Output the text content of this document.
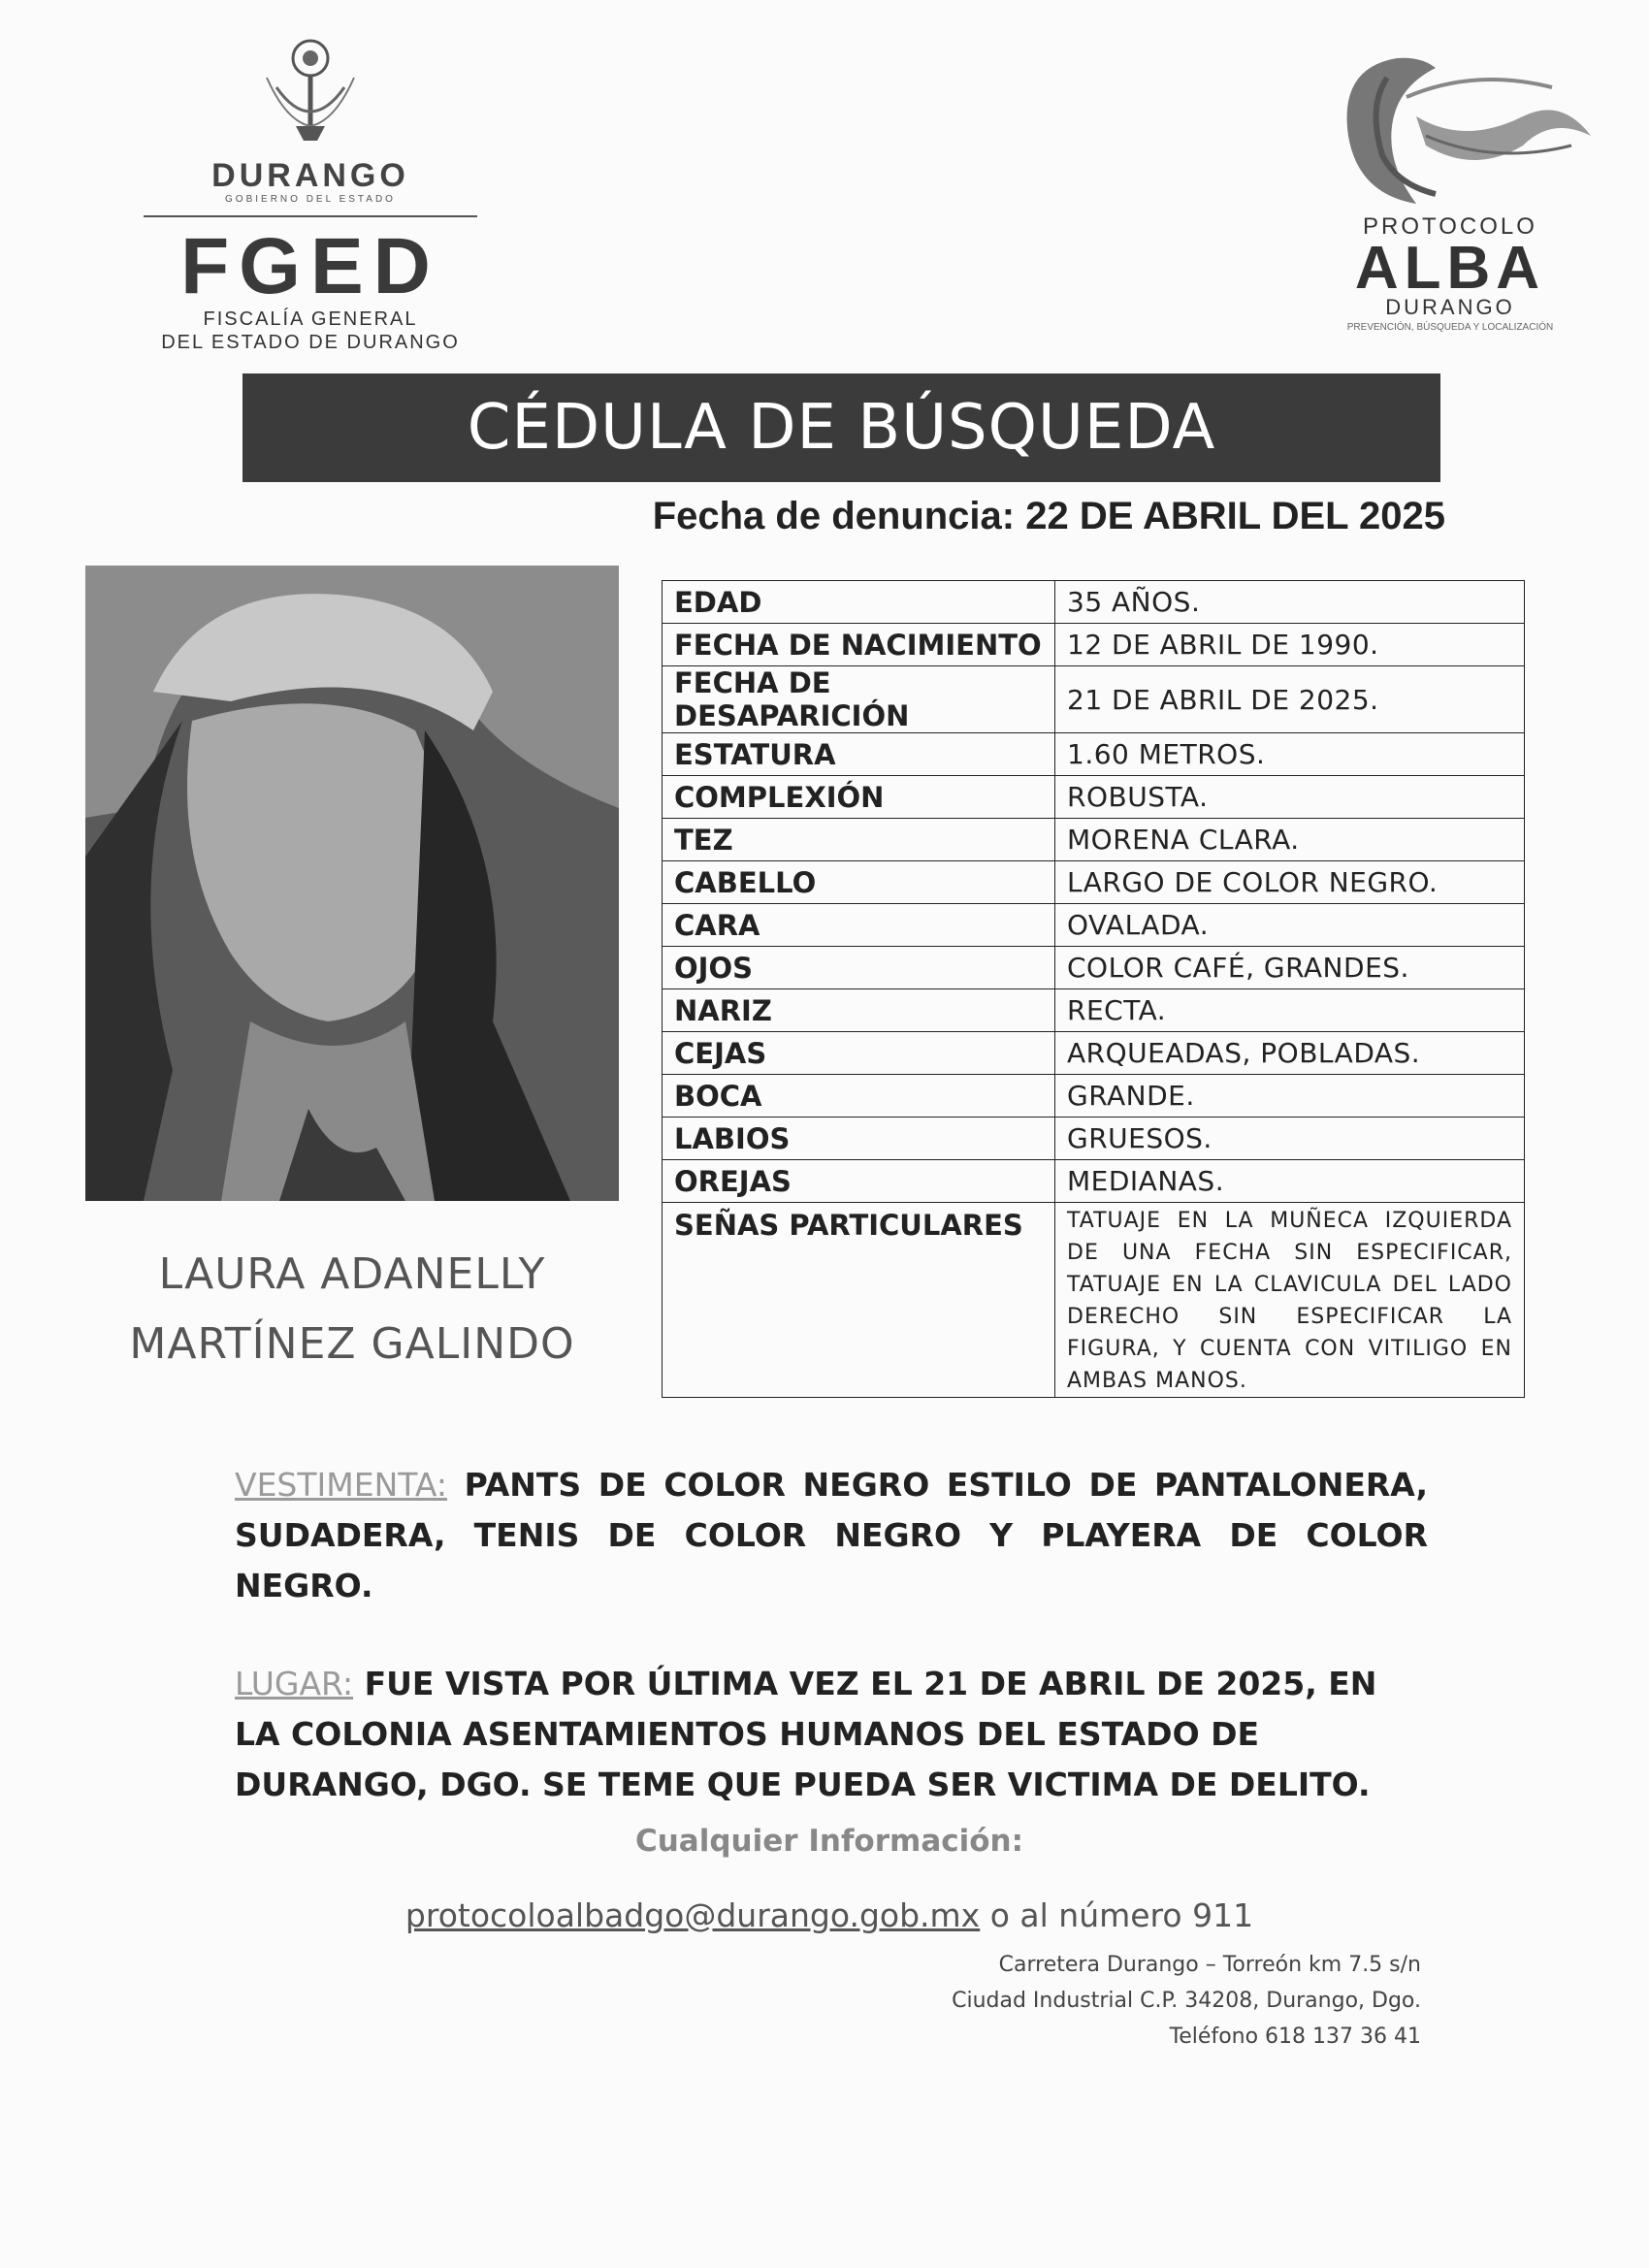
DURANGO
GOBIERNO DEL ESTADO
FGED
FISCALÍA GENERAL
DEL ESTADO DE DURANGO
PROTOCOLO
ALBA
DURANGO
PREVENCIÓN, BÚSQUEDA Y LOCALIZACIÓN
CÉDULA DE BÚSQUEDA
Fecha de denuncia: 22 DE ABRIL DEL 2025
LAURA ADANELLY
MARTÍNEZ GALINDO
EDAD	35 AÑOS.
FECHA DE NACIMIENTO	12 DE ABRIL DE 1990.
FECHA DE DESAPARICIÓN	21 DE ABRIL DE 2025.
ESTATURA	1.60 METROS.
COMPLEXIÓN	ROBUSTA.
TEZ	MORENA CLARA.
CABELLO	LARGO DE COLOR NEGRO.
CARA	OVALADA.
OJOS	COLOR CAFÉ, GRANDES.
NARIZ	RECTA.
CEJAS	ARQUEADAS, POBLADAS.
BOCA	GRANDE.
LABIOS	GRUESOS.
OREJAS	MEDIANAS.
SEÑAS PARTICULARES	TATUAJE EN LA MUÑECA IZQUIERDA DE UNA FECHA SIN ESPECIFICAR, TATUAJE EN LA CLAVICULA DEL LADO DERECHO SIN ESPECIFICAR LA FIGURA, Y CUENTA CON VITILIGO EN AMBAS MANOS.
VESTIMENTA: PANTS DE COLOR NEGRO ESTILO DE PANTALONERA, SUDADERA, TENIS DE COLOR NEGRO Y PLAYERA DE COLOR NEGRO.
LUGAR: FUE VISTA POR ÚLTIMA VEZ EL 21 DE ABRIL DE 2025, EN LA COLONIA ASENTAMIENTOS HUMANOS DEL ESTADO DE DURANGO, DGO. SE TEME QUE PUEDA SER VICTIMA DE DELITO.
Cualquier Información:
protocoloalbadgo@durango.gob.mx o al número 911
Carretera Durango – Torreón km 7.5 s/n
Ciudad Industrial C.P. 34208, Durango, Dgo.
Teléfono 618 137 36 41
